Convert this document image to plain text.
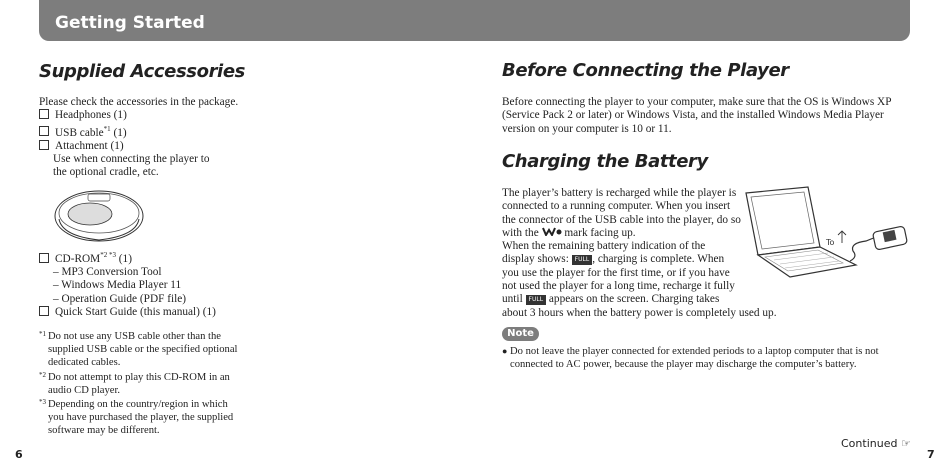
Getting Started
Supplied Accessories
Please check the accessories in the package.
Headphones (1)
USB cable$^{*1}$ (1)
Attachment (1)
Use when connecting the player to
the optional cradle, etc.
$CD-ROM^{*2 *3}$ (1)
– MP3 Conversion Tool
– Windows Media Player 11
– Operation Guide (PDF file)
Quick Start Guide (this manual) (1)
*1 Do not use any USB cable other than the
supplied USB cable or the specified optional
dedicated cables.
*2 Do not attempt to play this CD-ROM in an
audio CD player.
*3 Depending on the country/region in which
you have purchased the player, the supplied
software may be different.
6
Before Connecting the Player
Before connecting the player to your computer, make sure that the OS is Windows XP
(Service Pack 2 or later) or Windows Vista, and the installed Windows Media Player
version on your computer is 10 or 11.
Charging the Battery
The player’s battery is recharged while the player is
connected to a running computer. When you insert
the connector of the USB cable into the player, do so
with the mark facing up.
When the remaining battery indication of the
display shows: FULL , charging is complete. When
you use the player for the first time, or if you have
not used the player for a long time, recharge it fully
until FULL appears on the screen. Charging takes
about 3 hours when the battery power is completely used up.
To
Note
● Do not leave the player connected for extended periods to a laptop computer that is not
connected to AC power, because the player may discharge the computer’s battery.
Continued ☞
7
